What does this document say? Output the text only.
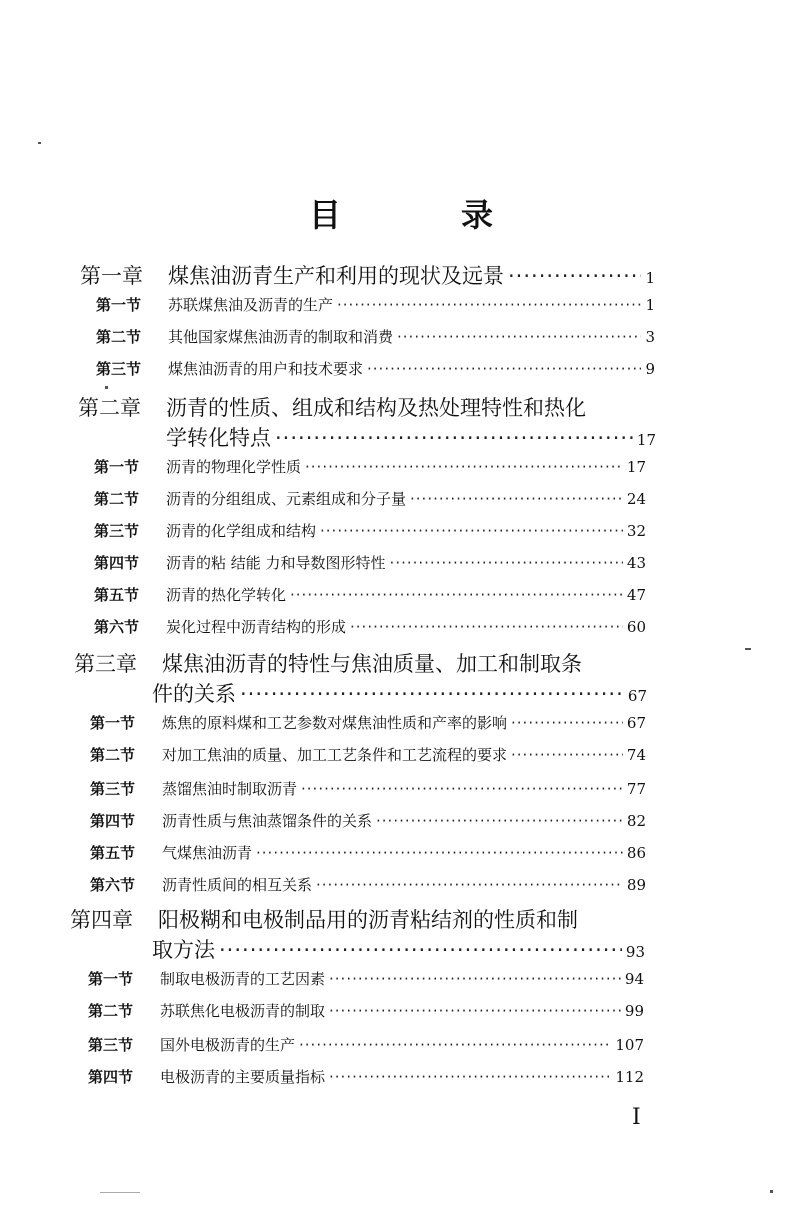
目　录
第一章	煤焦油沥青生产和利用的现状及远景 ·····	1
第一节	苏联煤焦油及沥青的生产 ·····	1
第二节	其他国家煤焦油沥青的制取和消费 ·····	3
第三节	煤焦油沥青的用户和技术要求 ·····	9
第二章 沥青的性质、组成和结构及热处理特性和热化
学转化特点 ·····	17
第一节	沥青的物理化学性质 ·····	17
第二节	沥青的分组组成、元素组成和分子量 ·····	24
第三节	沥青的化学组成和结构 ·····	32
第四节	沥青的粘 结能 力和导数图形特性 ·····	43
第五节	沥青的热化学转化 ·····	47
第六节	炭化过程中沥青结构的形成 ·····	60
第三章 煤焦油沥青的特性与焦油质量、加工和制取条
件的关系 ·····	67
第一节	炼焦的原料煤和工艺参数对煤焦油性质和产率的影响 ·····	67
第二节	对加工焦油的质量、加工工艺条件和工艺流程的要求 ·····	74
第三节	蒸馏焦油时制取沥青 ·····	77
第四节	沥青性质与焦油蒸馏条件的关系 ·····	82
第五节	气煤焦油沥青 ·····	86
第六节	沥青性质间的相互关系 ·····	89
第四章 阳极糊和电极制品用的沥青粘结剂的性质和制
取方法 ·····	93
第一节	制取电极沥青的工艺因素 ·····	94
第二节	苏联焦化电极沥青的制取 ·····	99
第三节	国外电极沥青的生产 ·····	107
第四节	电极沥青的主要质量指标 ·····	112
I
